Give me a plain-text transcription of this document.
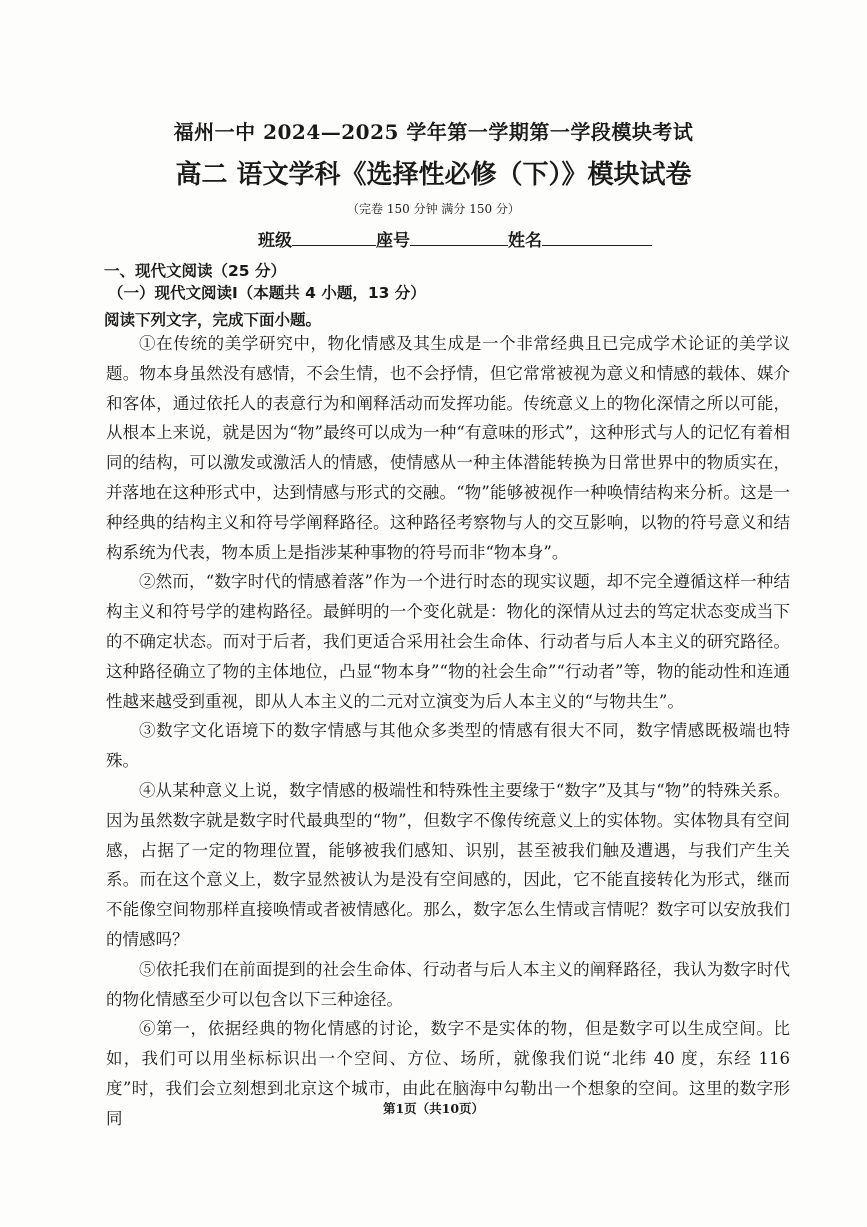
福州一中 2024—2025 学年第一学期第一学段模块考试
高二 语文学科《选择性必修（下）》模块试卷
（完卷 150 分钟 满分 150 分）
班级	座号	姓名
一、现代文阅读（25 分）
（一）现代文阅读Ⅰ（本题共 4 小题，13 分）
阅读下列文字，完成下面小题。

①在传统的美学研究中，物化情感及其生成是一个非常经典且已完成学术论证的美学议题。物本身虽然没有感情，不会生情，也不会抒情，但它常常被视为意义和情感的载体、媒介和客体，通过依托人的表意行为和阐释活动而发挥功能。传统意义上的物化深情之所以可能，从根本上来说，就是因为“物”最终可以成为一种“有意味的形式”，这种形式与人的记忆有着相同的结构，可以激发或激活人的情感，使情感从一种主体潜能转换为日常世界中的物质实在，并落地在这种形式中，达到情感与形式的交融。“物”能够被视作一种唤情结构来分析。这是一种经典的结构主义和符号学阐释路径。这种路径考察物与人的交互影响，以物的符号意义和结构系统为代表，物本质上是指涉某种事物的符号而非“物本身”。

②然而，“数字时代的情感着落”作为一个进行时态的现实议题，却不完全遵循这样一种结构主义和符号学的建构路径。最鲜明的一个变化就是：物化的深情从过去的笃定状态变成当下的不确定状态。而对于后者，我们更适合采用社会生命体、行动者与后人本主义的研究路径。这种路径确立了物的主体地位，凸显“物本身”“物的社会生命”“行动者”等，物的能动性和连通性越来越受到重视，即从人本主义的二元对立演变为后人本主义的“与物共生”。

③数字文化语境下的数字情感与其他众多类型的情感有很大不同，数字情感既极端也特殊。

④从某种意义上说，数字情感的极端性和特殊性主要缘于“数字”及其与“物”的特殊关系。因为虽然数字就是数字时代最典型的“物”，但数字不像传统意义上的实体物。实体物具有空间感，占据了一定的物理位置，能够被我们感知、识别，甚至被我们触及遭遇，与我们产生关系。而在这个意义上，数字显然被认为是没有空间感的，因此，它不能直接转化为形式，继而不能像空间物那样直接唤情或者被情感化。那么，数字怎么生情或言情呢？数字可以安放我们的情感吗？

⑤依托我们在前面提到的社会生命体、行动者与后人本主义的阐释路径，我认为数字时代的物化情感至少可以包含以下三种途径。

⑥第一，依据经典的物化情感的讨论，数字不是实体的物，但是数字可以生成空间。比如，我们可以用坐标标识出一个空间、方位、场所，就像我们说“北纬 40 度，东经 116 度”时，我们会立刻想到北京这个城市，由此在脑海中勾勒出一个想象的空间。这里的数字形同

第1页（共10页）
